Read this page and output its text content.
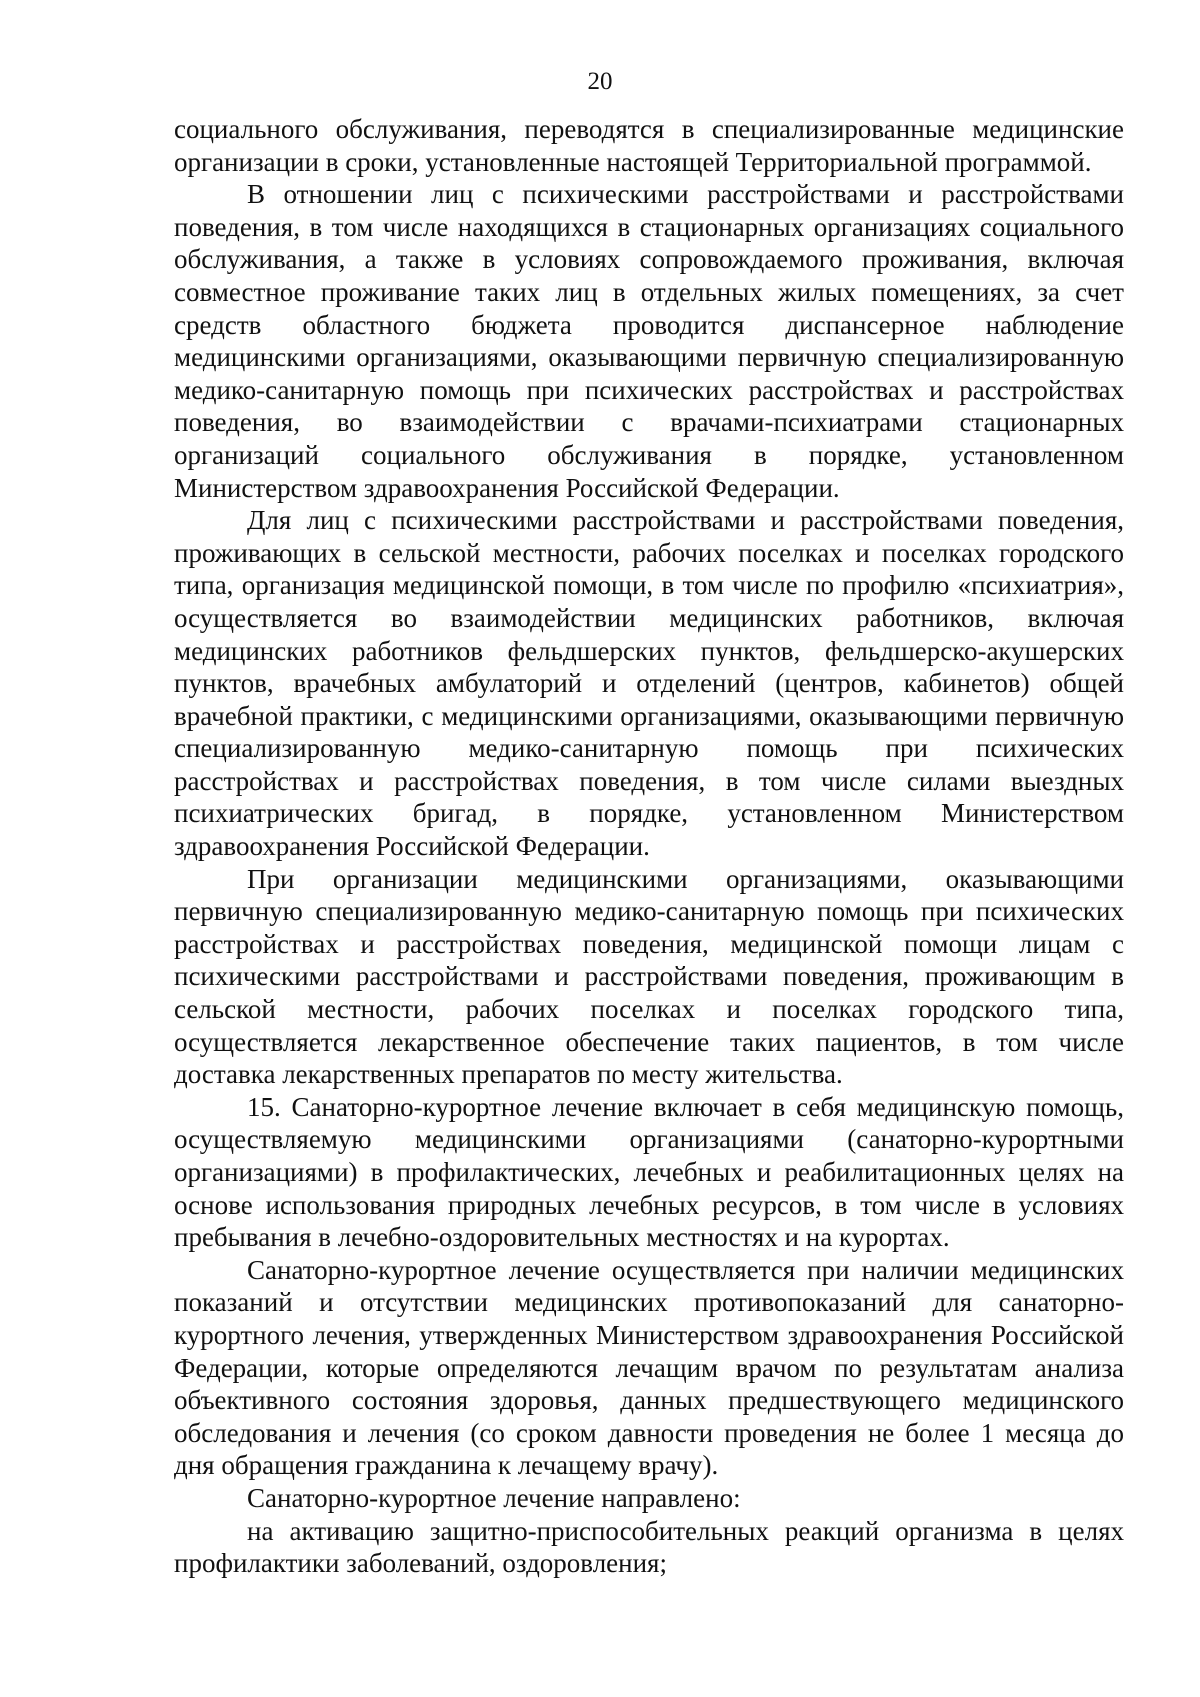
20

социального обслуживания, переводятся в специализированные медицинские организации в сроки, установленные настоящей Территориальной программой.

В отношении лиц с психическими расстройствами и расстройствами поведения, в том числе находящихся в стационарных организациях социального обслуживания, а также в условиях сопровождаемого проживания, включая совместное проживание таких лиц в отдельных жилых помещениях, за счет средств областного бюджета проводится диспансерное наблюдение медицинскими организациями, оказывающими первичную специализированную медико-санитарную помощь при психических расстройствах и расстройствах поведения, во взаимодействии с врачами-психиатрами стационарных организаций социального обслуживания в порядке, установленном Министерством здравоохранения Российской Федерации.

Для лиц с психическими расстройствами и расстройствами поведения, проживающих в сельской местности, рабочих поселках и поселках городского типа, организация медицинской помощи, в том числе по профилю «психиатрия», осуществляется во взаимодействии медицинских работников, включая медицинских работников фельдшерских пунктов, фельдшерско-акушерских пунктов, врачебных амбулаторий и отделений (центров, кабинетов) общей врачебной практики, с медицинскими организациями, оказывающими первичную специализированную медико-санитарную помощь при психических расстройствах и расстройствах поведения, в том числе силами выездных психиатрических бригад, в порядке, установленном Министерством здравоохранения Российской Федерации.

При организации медицинскими организациями, оказывающими первичную специализированную медико-санитарную помощь при психических расстройствах и расстройствах поведения, медицинской помощи лицам с психическими расстройствами и расстройствами поведения, проживающим в сельской местности, рабочих поселках и поселках городского типа, осуществляется лекарственное обеспечение таких пациентов, в том числе доставка лекарственных препаратов по месту жительства.

15. Санаторно-курортное лечение включает в себя медицинскую помощь, осуществляемую медицинскими организациями (санаторно-курортными организациями) в профилактических, лечебных и реабилитационных целях на основе использования природных лечебных ресурсов, в том числе в условиях пребывания в лечебно-оздоровительных местностях и на курортах.

Санаторно-курортное лечение осуществляется при наличии медицинских показаний и отсутствии медицинских противопоказаний для санаторно-курортного лечения, утвержденных Министерством здравоохранения Российской Федерации, которые определяются лечащим врачом по результатам анализа объективного состояния здоровья, данных предшествующего медицинского обследования и лечения (со сроком давности проведения не более 1 месяца до дня обращения гражданина к лечащему врачу).

Санаторно-курортное лечение направлено:

на активацию защитно-приспособительных реакций организма в целях профилактики заболеваний, оздоровления;
